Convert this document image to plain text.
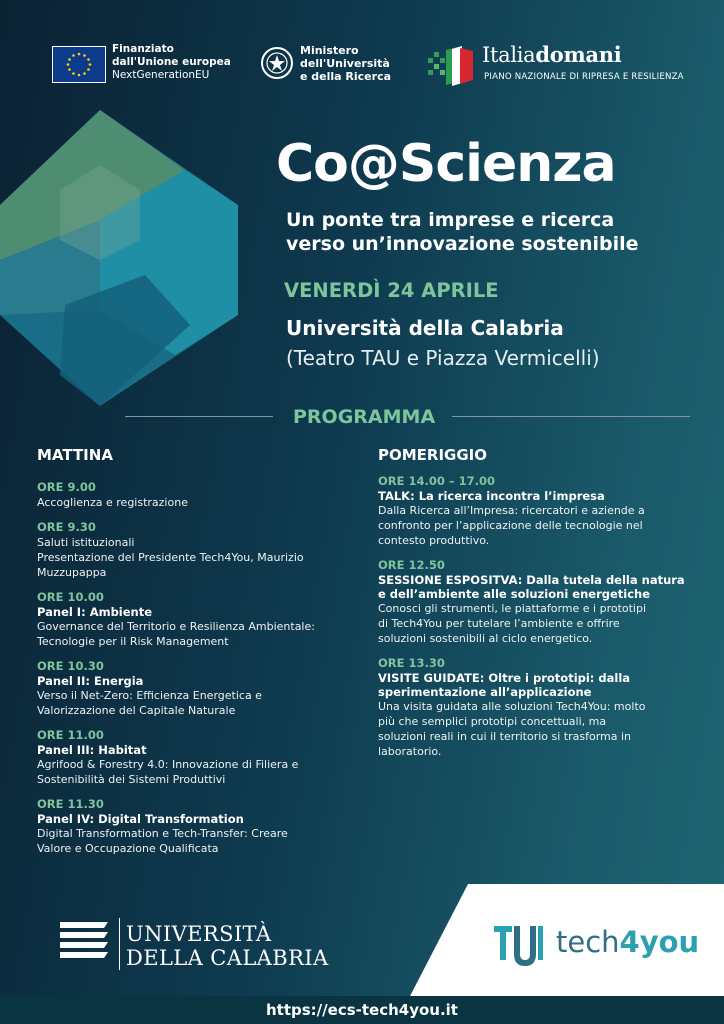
Finanziato
dall'Unione europea
NextGenerationEU
Ministero
dell'Università
e della Ricerca
Italiadomani
PIANO NAZIONALE DI RIPRESA E RESILIENZA
Co@Scienza
Un ponte tra imprese e ricerca
verso un’innovazione sostenibile
VENERDÌ 24 APRILE
Università della Calabria
(Teatro TAU e Piazza Vermicelli)
PROGRAMMA
MATTINA
ORE 9.00
Accoglienza e registrazione
ORE 9.30
Saluti istituzionali
Presentazione del Presidente Tech4You, Maurizio
Muzzupappa
ORE 10.00
Panel I: Ambiente
Governance del Territorio e Resilienza Ambientale:
Tecnologie per il Risk Management
ORE 10.30
Panel II: Energia
Verso il Net-Zero: Efficienza Energetica e
Valorizzazione del Capitale Naturale
ORE 11.00
Panel III: Habitat
Agrifood & Forestry 4.0: Innovazione di Filiera e
Sostenibilità dei Sistemi Produttivi
ORE 11.30
Panel IV: Digital Transformation
Digital Transformation e Tech-Transfer: Creare
Valore e Occupazione Qualificata
POMERIGGIO
ORE 14.00 – 17.00
TALK: La ricerca incontra l’impresa
Dalla Ricerca all’Impresa: ricercatori e aziende a
confronto per l’applicazione delle tecnologie nel
contesto produttivo.
ORE 12.50
SESSIONE ESPOSITVA: Dalla tutela della natura
e dell’ambiente alle soluzioni energetiche
Conosci gli strumenti, le piattaforme e i prototipi
di Tech4You per tutelare l’ambiente e offrire
soluzioni sostenibili al ciclo energetico.
ORE 13.30
VISITE GUIDATE: Oltre i prototipi: dalla
sperimentazione all’applicazione
Una visita guidata alle soluzioni Tech4You: molto
più che semplici prototipi concettuali, ma
soluzioni reali in cui il territorio si trasforma in
laboratorio.
UNIVERSITÀ
DELLA CALABRIA	tech4you
https://ecs-tech4you.it
